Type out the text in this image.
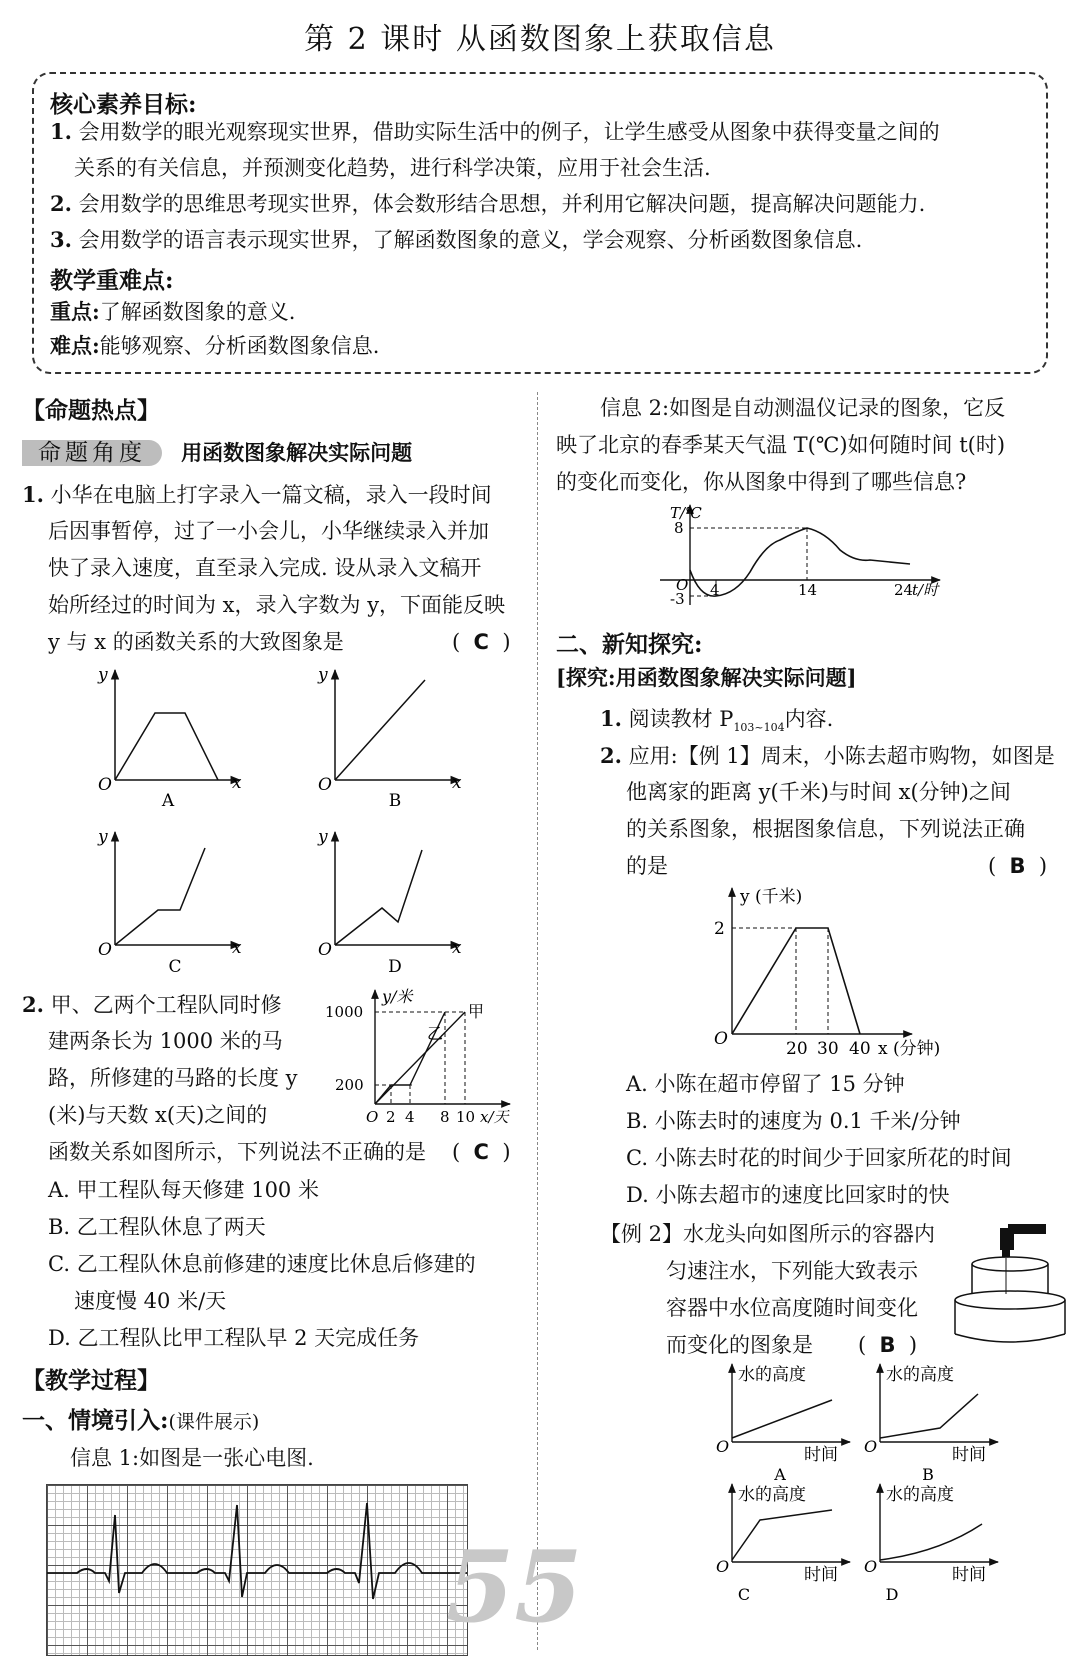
第 2 课时 从函数图象上获取信息
核心素养目标:
1. 会用数学的眼光观察现实世界，借助实际生活中的例子，让学生感受从图象中获得变量之间的
关系的有关信息，并预测变化趋势，进行科学决策，应用于社会生活.
2. 会用数学的思维思考现实世界，体会数形结合思想，并利用它解决问题，提高解决问题能力.
3. 会用数学的语言表示现实世界，了解函数图象的意义，学会观察、分析函数图象信息.
教学重难点:
重点:了解函数图象的意义.
难点:能够观察、分析函数图象信息.
【命题热点】
命题角度 用函数图象解决实际问题
1. 小华在电脑上打字录入一篇文稿，录入一段时间
后因事暂停，过了一小会儿，小华继续录入并加
快了录入速度，直至录入完成. 设从录入文稿开
始所经过的时间为 x，录入字数为 y，下面能反映
y 与 x 的函数关系的大致图象是	(  C  )
y
x
O
A
y
x
O
B
y
x
O
C
y
x
O
D
2. 甲、乙两个工程队同时修
建两条长为 1000 米的马
路，所修建的马路的长度 y
(米)与天数 x(天)之间的
函数关系如图所示，下列说法不正确的是 (  C  )
y/米
甲
乙
1000
200
O 2 4 8 10 x/天
A. 甲工程队每天修建 100 米
B. 乙工程队休息了两天
C. 乙工程队休息前修建的速度比休息后修建的
速度慢 40 米/天
D. 乙工程队比甲工程队早 2 天完成任务
【教学过程】
一、情境引入:(课件展示)
信息 1:如图是一张心电图.
55
信息 2:如图是自动测温仪记录的图象，它反
映了北京的春季某天气温 T(℃)如何随时间 t(时)
的变化而变化，你从图象中得到了哪些信息?
T/℃
8
-3
O 4	14	24
t/时
二、新知探究:
[探究:用函数图象解决实际问题]
1. 阅读教材 $P_{103\sim 104}$内容.
2. 应用:【例 1】周末，小陈去超市购物，如图是
他离家的距离 y(千米)与时间 x(分钟)之间
的关系图象，根据图象信息，下列说法正确
的是	(  B  )
y (千米)
2
O	20 30 40 x (分钟)
A. 小陈在超市停留了 15 分钟
B. 小陈去时的速度为 0.1 千米/分钟
C. 小陈去时花的时间少于回家所花的时间
D. 小陈去超市的速度比回家时的快
【例 2】水龙头向如图所示的容器内
匀速注水，下列能大致表示
容器中水位高度随时间变化
而变化的图象是 (  B  )
水的高度
O	时间
A
水的高度
O	时间
B
水的高度
O	时间
C
水的高度
O	时间
D
